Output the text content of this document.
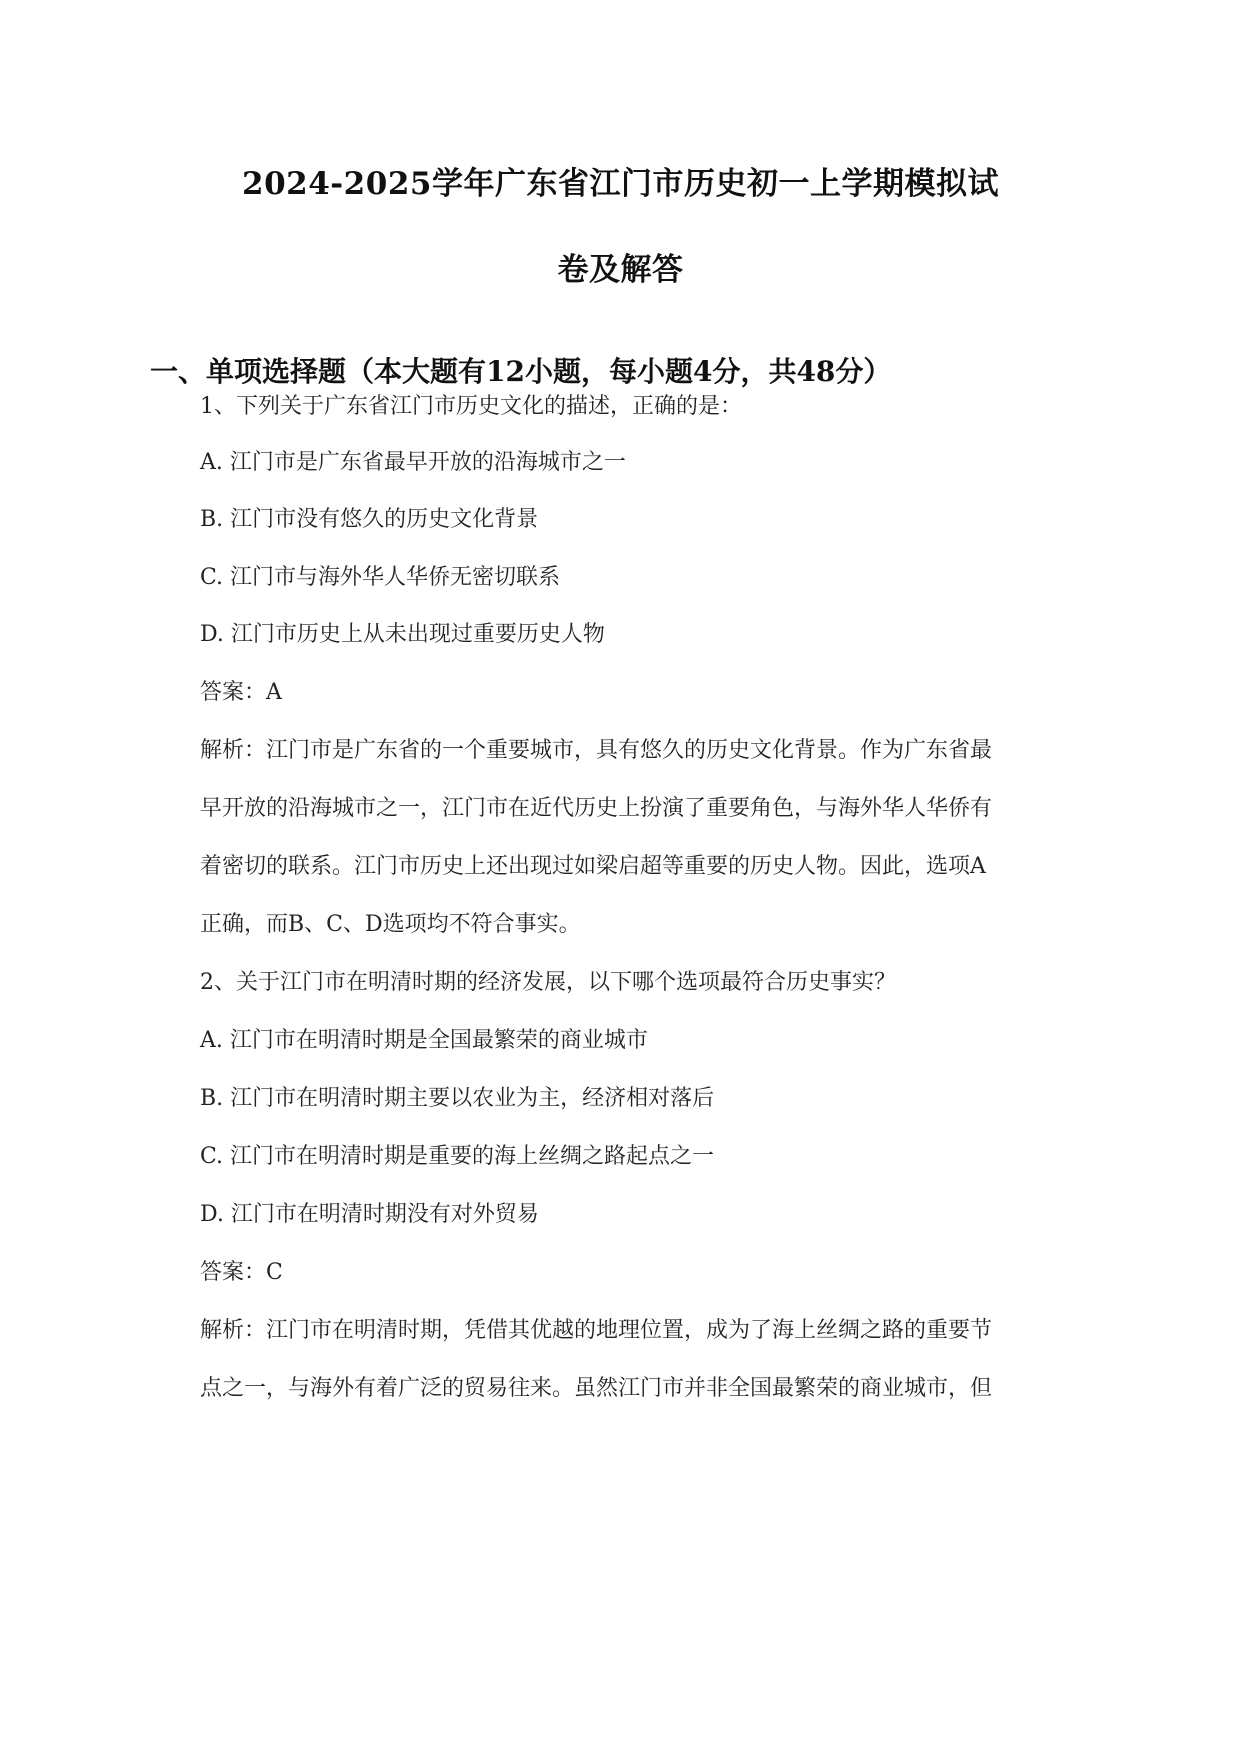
2024-2025学年广东省江门市历史初一上学期模拟试
卷及解答
一、单项选择题（本大题有12小题，每小题4分，共48分）
1、下列关于广东省江门市历史文化的描述，正确的是：
A. 江门市是广东省最早开放的沿海城市之一
B. 江门市没有悠久的历史文化背景
C. 江门市与海外华人华侨无密切联系
D. 江门市历史上从未出现过重要历史人物
答案：A
解析：江门市是广东省的一个重要城市，具有悠久的历史文化背景。作为广东省最
早开放的沿海城市之一，江门市在近代历史上扮演了重要角色，与海外华人华侨有
着密切的联系。江门市历史上还出现过如梁启超等重要的历史人物。因此，选项A
正确，而B、C、D选项均不符合事实。
2、关于江门市在明清时期的经济发展，以下哪个选项最符合历史事实？
A. 江门市在明清时期是全国最繁荣的商业城市
B. 江门市在明清时期主要以农业为主，经济相对落后
C. 江门市在明清时期是重要的海上丝绸之路起点之一
D. 江门市在明清时期没有对外贸易
答案：C
解析：江门市在明清时期，凭借其优越的地理位置，成为了海上丝绸之路的重要节
点之一，与海外有着广泛的贸易往来。虽然江门市并非全国最繁荣的商业城市，但
